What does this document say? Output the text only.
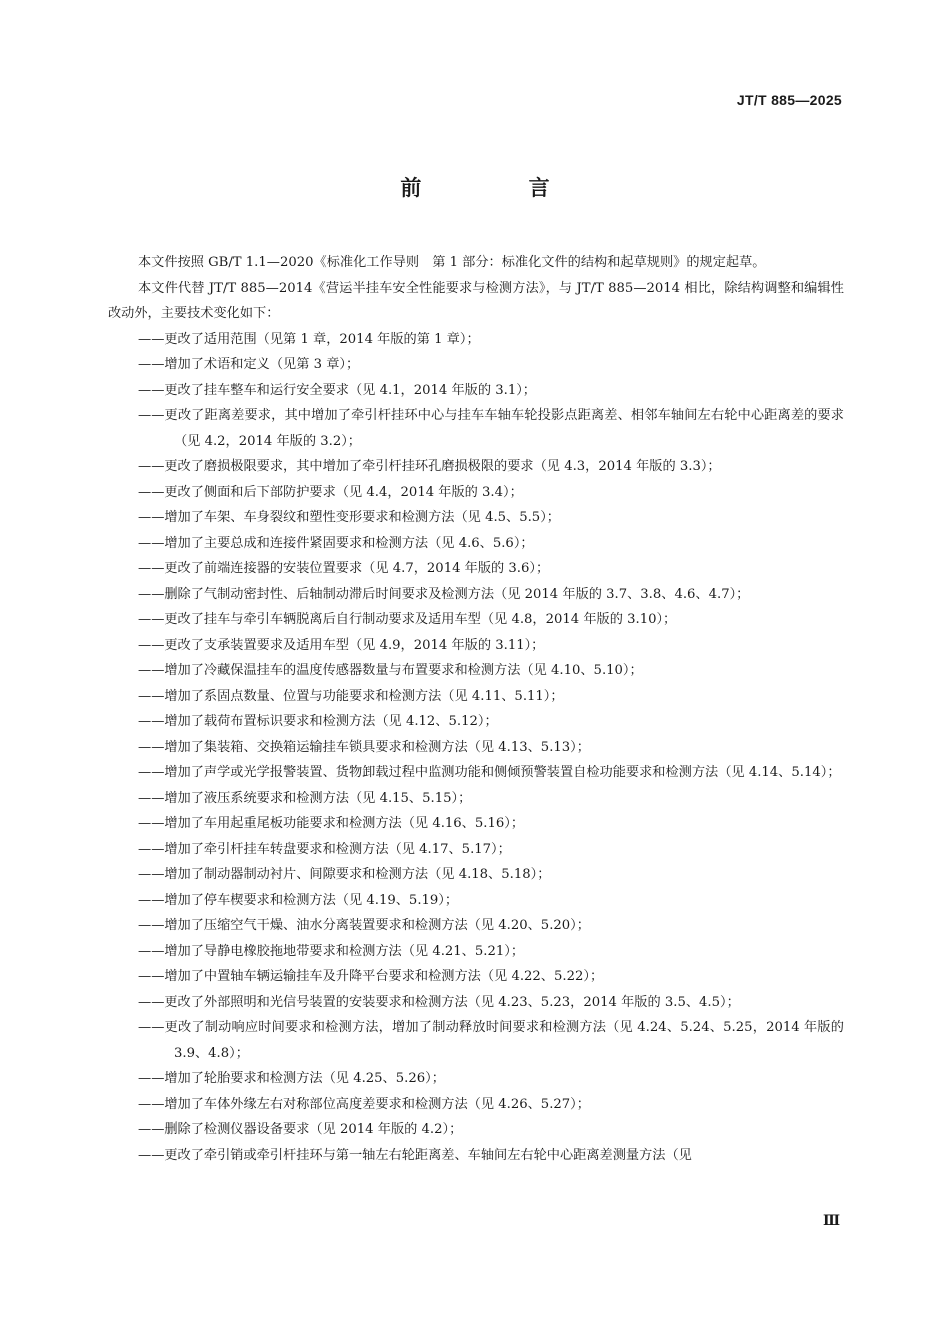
JT/T 885—2025
前 言

本文件按照 GB/T 1.1—2020《标准化工作导则　第 1 部分：标准化文件的结构和起草规则》的规定起草。

本文件代替 JT/T 885—2014《营运半挂车安全性能要求与检测方法》，与 JT/T 885—2014 相比，除结构调整和编辑性改动外，主要技术变化如下：

——更改了适用范围（见第 1 章，2014 年版的第 1 章）；

——增加了术语和定义（见第 3 章）；

——更改了挂车整车和运行安全要求（见 4.1，2014 年版的 3.1）；

——更改了距离差要求，其中增加了牵引杆挂环中心与挂车车轴车轮投影点距离差、相邻车轴间左右轮中心距离差的要求（见 4.2，2014 年版的 3.2）；

——更改了磨损极限要求，其中增加了牵引杆挂环孔磨损极限的要求（见 4.3，2014 年版的 3.3）；

——更改了侧面和后下部防护要求（见 4.4，2014 年版的 3.4）；

——增加了车架、车身裂纹和塑性变形要求和检测方法（见 4.5、5.5）；

——增加了主要总成和连接件紧固要求和检测方法（见 4.6、5.6）；

——更改了前端连接器的安装位置要求（见 4.7，2014 年版的 3.6）；

——删除了气制动密封性、后轴制动滞后时间要求及检测方法（见 2014 年版的 3.7、3.8、4.6、4.7）；

——更改了挂车与牵引车辆脱离后自行制动要求及适用车型（见 4.8，2014 年版的 3.10）；

——更改了支承装置要求及适用车型（见 4.9，2014 年版的 3.11）；

——增加了冷藏保温挂车的温度传感器数量与布置要求和检测方法（见 4.10、5.10）；

——增加了系固点数量、位置与功能要求和检测方法（见 4.11、5.11）；

——增加了载荷布置标识要求和检测方法（见 4.12、5.12）；

——增加了集装箱、交换箱运输挂车锁具要求和检测方法（见 4.13、5.13）；

——增加了声学或光学报警装置、货物卸载过程中监测功能和侧倾预警装置自检功能要求和检测方法（见 4.14、5.14）；

——增加了液压系统要求和检测方法（见 4.15、5.15）；

——增加了车用起重尾板功能要求和检测方法（见 4.16、5.16）；

——增加了牵引杆挂车转盘要求和检测方法（见 4.17、5.17）；

——增加了制动器制动衬片、间隙要求和检测方法（见 4.18、5.18）；

——增加了停车楔要求和检测方法（见 4.19、5.19）；

——增加了压缩空气干燥、油水分离装置要求和检测方法（见 4.20、5.20）；

——增加了导静电橡胶拖地带要求和检测方法（见 4.21、5.21）；

——增加了中置轴车辆运输挂车及升降平台要求和检测方法（见 4.22、5.22）；

——更改了外部照明和光信号装置的安装要求和检测方法（见 4.23、5.23，2014 年版的 3.5、4.5）；

——更改了制动响应时间要求和检测方法，增加了制动释放时间要求和检测方法（见 4.24、5.24、5.25，2014 年版的 3.9、4.8）；

——增加了轮胎要求和检测方法（见 4.25、5.26）；

——增加了车体外缘左右对称部位高度差要求和检测方法（见 4.26、5.27）；

——删除了检测仪器设备要求（见 2014 年版的 4.2）；

——更改了牵引销或牵引杆挂环与第一轴左右轮距离差、车轴间左右轮中心距离差测量方法（见

Ⅲ
